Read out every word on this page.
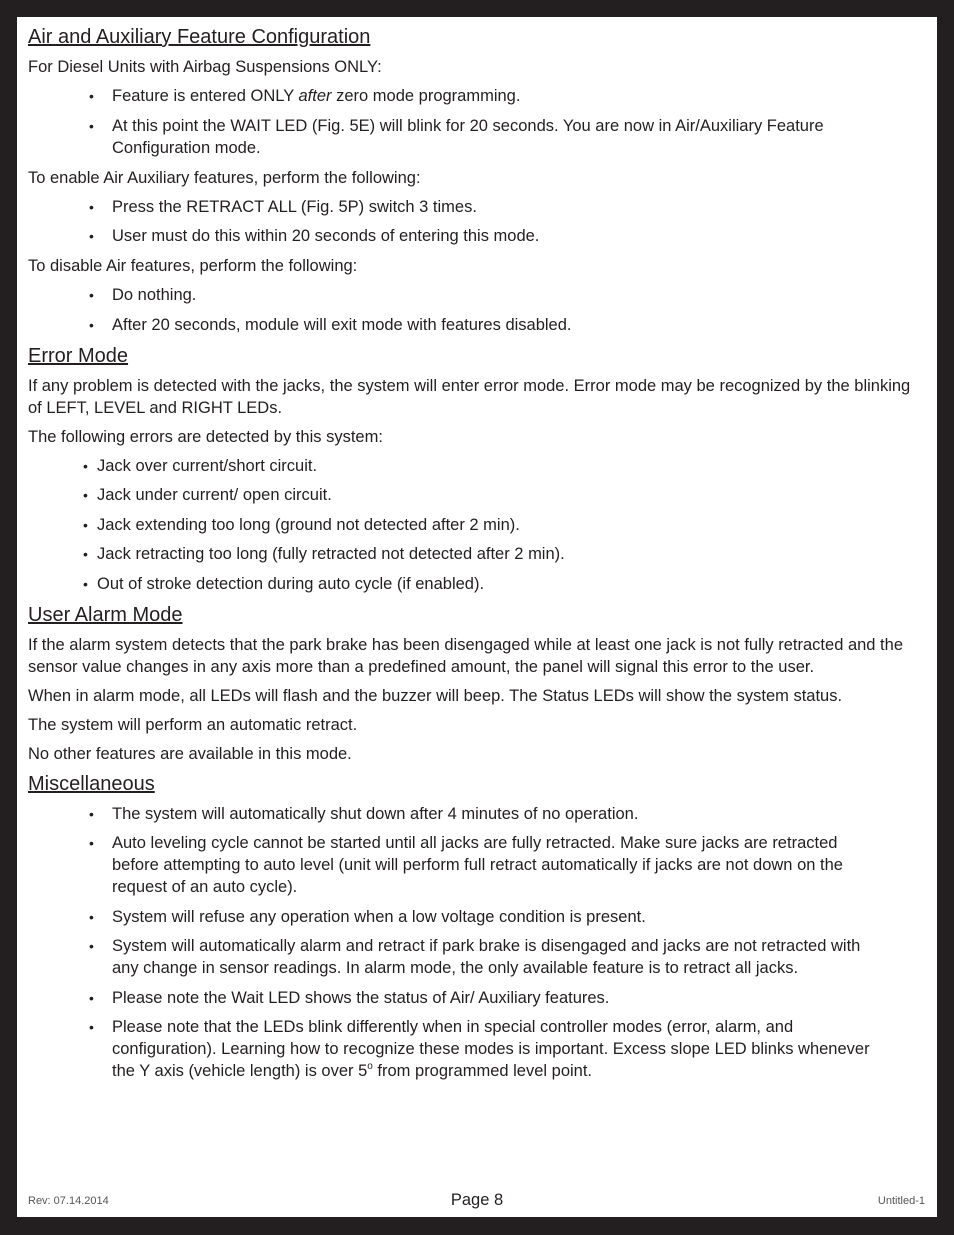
Air and Auxiliary Feature Configuration

For Diesel Units with Airbag Suspensions ONLY:

• Feature is entered ONLY after zero mode programming.
• At this point the WAIT LED (Fig. 5E) will blink for 20 seconds. You are now in Air/Auxiliary Feature Configuration mode.

To enable Air Auxiliary features, perform the following:

• Press the RETRACT ALL (Fig. 5P) switch 3 times.
• User must do this within 20 seconds of entering this mode.

To disable Air features, perform the following:

• Do nothing.
• After 20 seconds, module will exit mode with features disabled.
Error Mode

If any problem is detected with the jacks, the system will enter error mode. Error mode may be recognized by the blinking of LEFT, LEVEL and RIGHT LEDs.

The following errors are detected by this system:

• Jack over current/short circuit.
• Jack under current/ open circuit.
• Jack extending too long (ground not detected after 2 min).
• Jack retracting too long (fully retracted not detected after 2 min).
• Out of stroke detection during auto cycle (if enabled).
User Alarm Mode

If the alarm system detects that the park brake has been disengaged while at least one jack is not fully retracted and the sensor value changes in any axis more than a predefined amount, the panel will signal this error to the user.

When in alarm mode, all LEDs will flash and the buzzer will beep. The Status LEDs will show the system status.

The system will perform an automatic retract.

No other features are available in this mode.

Miscellaneous
• The system will automatically shut down after 4 minutes of no operation.
• Auto leveling cycle cannot be started until all jacks are fully retracted. Make sure jacks are retracted before attempting to auto level (unit will perform full retract automatically if jacks are not down on the request of an auto cycle).
• System will refuse any operation when a low voltage condition is present.
• System will automatically alarm and retract if park brake is disengaged and jacks are not retracted with any change in sensor readings. In alarm mode, the only available feature is to retract all jacks.
• Please note the Wait LED shows the status of Air/ Auxiliary features.
• Please note that the LEDs blink differently when in special controller modes (error, alarm, and configuration). Learning how to recognize these modes is important. Excess slope LED blinks whenever the Y axis (vehicle length) is over 5$^o$ from programmed level point.
Rev: 07.14.2014	Page 8	Untitled-1
